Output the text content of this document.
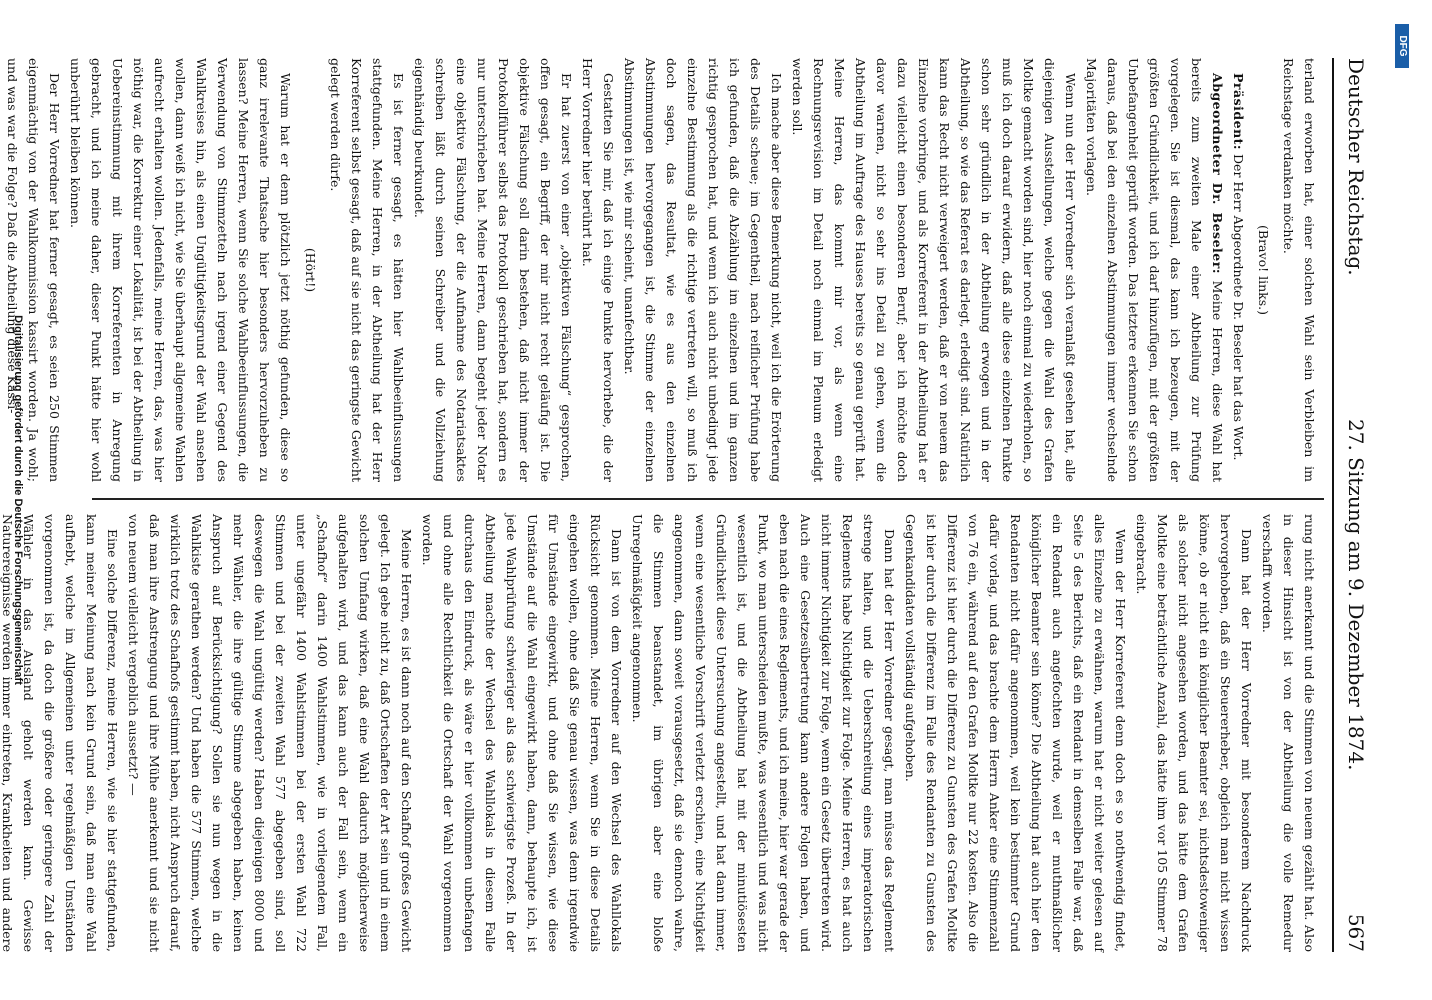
Deutscher Reichstag.
27. Sitzung am 9. Dezember 1874.
567

terland erworben hat, einer solchen Wahl sein Verbleiben im Reichstage verdanken möchte.

(Bravo! links.)

Präsident: Der Herr Abgeordnete Dr. Beseler hat das Wort.

Abgeordneter Dr. Beseler: Meine Herren, diese Wahl hat bereits zum zweiten Male einer Abtheilung zur Prüfung vorgelegen. Sie ist diesmal, das kann ich bezeugen, mit der größten Gründlichkeit, und ich darf hinzufügen, mit der größten Unbefangenheit geprüft worden. Das letztere erkennen Sie schon daraus, daß bei den einzelnen Abstimmungen immer wechselnde Majoritäten vorlagen.

Wenn nun der Herr Vorredner sich veranlaßt gesehen hat, alle diejenigen Ausstellungen, welche gegen die Wahl des Grafen Moltke gemacht worden sind, hier noch einmal zu wiederholen, so muß ich doch darauf erwidern, daß alle diese einzelnen Punkte schon sehr gründlich in der Abtheilung erwogen und in der Abtheilung, so wie das Referat es darlegt, erledigt sind. Natürlich kann das Recht nicht verweigert werden, daß er von neuem das Einzelne vorbringe, und als Korreferent in der Abtheilung hat er dazu vielleicht einen besonderen Beruf; aber ich möchte doch davor warnen, nicht so sehr ins Detail zu gehen, wenn die Abtheilung im Auftrage des Hauses bereits so genau geprüft hat. Meine Herren, das kommt mir vor, als wenn eine Rechnungsrevision im Detail noch einmal im Plenum erledigt werden soll.

Ich mache aber diese Bemerkung nicht, weil ich die Erörterung des Details scheue; im Gegentheil, nach reiflicher Prüfung habe ich gefunden, daß die Abzählung im einzelnen und im ganzen richtig gesprochen hat, und wenn ich auch nicht unbedingt jede einzelne Bestimmung als die richtige vertreten will, so muß ich doch sagen, das Resultat, wie es aus den einzelnen Abstimmungen hervorgegangen ist, die Stimme der einzelnen Abstimmungen ist, wie mir scheint, unanfechtbar.

Gestatten Sie mir, daß ich einige Punkte hervorhebe, die der Herr Vorredner hier berührt hat.

Er hat zuerst von einer „objektiven Fälschung“ gesprochen, offen gesagt, ein Begriff, der mir nicht recht geläufig ist. Die objektive Fälschung soll darin bestehen, daß nicht immer der Protokollführer selbst das Protokoll geschrieben hat, sondern es nur unterschrieben hat. Meine Herren, dann begeht jeder Notar eine objektive Fälschung, der die Aufnahme des Notariatsaktes schreiben läßt durch seinen Schreiber und die Vollziehung eigenhändig beurkundet.

Es ist ferner gesagt, es hätten hier Wahlbeeinflussungen stattgefunden. Meine Herren, in der Abtheilung hat der Herr Korreferent selbst gesagt, daß auf sie nicht das geringste Gewicht gelegt werden dürfe.

(Hört!)

Warum hat er denn plötzlich jetzt nöthig gefunden, diese so ganz irrelevante Thatsache hier besonders hervorzuheben zu lassen? Meine Herren, wenn Sie solche Wahlbeeinflussungen, die Verwendung von Stimmzetteln nach irgend einer Gegend des Wahlkreises hin, als einen Ungültigkeitsgrund der Wahl ansehen wollen, dann weiß ich nicht, wie Sie überhaupt allgemeine Wahlen aufrecht erhalten wollen. Jedenfalls, meine Herren, das, was hier nöthig war, die Korrektur einer Lokalität, ist bei der Abtheilung in Uebereinstimmung mit ihrem Korreferenten in Anregung gebracht, und ich meine daher, dieser Punkt hätte hier wohl unberührt bleiben können.

Der Herr Vorredner hat ferner gesagt, es seien 250 Stimmen eigenmächtig von der Wahlkommission kassirt worden. Ja wohl; und was war die Folge? Daß die Abtheilung diese Kassi-

rung nicht anerkannt und die Stimmen von neuem gezählt hat. Also in dieser Hinsicht ist von der Abtheilung die volle Remedur verschafft worden.

Dann hat der Herr Vorredner mit besonderem Nachdruck hervorgehoben, daß ein Steuererheber, obgleich man nicht wissen könne, ob er nicht ein königlicher Beamter sei, nichtsdestoweniger als solcher nicht angesehen worden, und das hätte dem Grafen Moltke eine beträchtliche Anzahl, das hätte ihm vor 105 Stimmer 78 eingebracht.

Wenn der Herr Korreferent denn doch es so nothwendig findet, alles Einzelne zu erwähnen, warum hat er nicht weiter gelesen auf Seite 5 des Berichts, daß ein Rendant in demselben Falle war, daß ein Rendant auch angefochten wurde, weil er muthmaßlicher königlicher Beamter sein könne? Die Abtheilung hat auch hier den Rendanten nicht dafür angenommen, weil kein bestimmter Grund dafür vorlag, und das brachte dem Herrn Anker eine Stimmenzahl von 76 ein, während auf den Grafen Moltke nur 22 kosten. Also die Differenz ist hier durch die Differenz zu Gunsten des Grafen Moltke ist hier durch die Differenz im Falle des Rendanten zu Gunsten des Gegenkandidaten vollständig aufgehoben.

Dann hat der Herr Vorredner gesagt, man müsse das Reglement strenge halten, und die Ueberschreitung eines imperatorischen Reglements habe Nichtigkeit zur Folge. Meine Herren, es hat auch nicht immer Nichtigkeit zur Folge, wenn ein Gesetz übertreten wird. Auch eine Gesetzesübertretung kann andere Folgen haben, und eben nach die eines Reglements, und ich meine, hier war gerade der Punkt, wo man unterscheiden mußte, was wesentlich und was nicht wesentlich ist, und die Abtheilung hat mit der minutiösesten Gründlichkeit diese Untersuchung angestellt, und hat dann immer, wenn eine wesentliche Vorschrift verletzt erschien, eine Nichtigkeit angenommen, dann soweit vorausgesetzt, daß sie dennoch wahre, die Stimmen beanstandet, im übrigen aber eine bloße Unregelmäßigkeit angenommen.

Dann ist von dem Vorredner auf den Wechsel des Wahllokals Rücksicht genommen. Meine Herren, wenn Sie in diese Details eingehen wollen, ohne daß Sie genau wissen, was denn irgendwie für Umstände eingewirkt, und ohne daß Sie wissen, wie diese Umstände auf die Wahl eingewirkt haben, dann, behaupte ich, ist jede Wahlprüfung schwieriger als das schwierigste Prozeß. In der Abtheilung machte der Wechsel des Wahllokals in diesem Falle durchaus den Eindruck, als wäre er hier vollkommen unbefangen und ohne alle Rechtlichkeit die Ortschaft der Wahl vorgenommen worden.

Meine Herren, es ist dann noch auf den Schafhof großes Gewicht gelegt. Ich gebe nicht zu, daß Ortschaften der Art sein und in einem solchen Umfang wirken, daß eine Wahl dadurch möglicherweise aufgehalten wird, und das kann auch der Fall sein, wenn ein „Schafhof“ darin 1400 Wahlstimmen, wie in vorliegendem Fall, unter ungefähr 1400 Wahlstimmen bei der ersten Wahl 722 Stimmen und bei der zweiten Wahl 577 abgegeben sind, soll deswegen die Wahl ungültig werden? Haben diejenigen 8000 und mehr Wähler, die ihre gültige Stimme abgegeben haben, keinen Anspruch auf Berücksichtigung? Sollen sie nun wegen in die Wahlkiste gerathen werden? Und haben die 577 Stimmen, welche wirklich trotz des Schafhofs gestimmt haben, nicht Anspruch darauf, daß man ihre Anstrengung und ihre Mühe anerkennt und sie nicht von neuem vielleicht vergeblich aussetzt? —

Eine solche Differenz, meine Herren, wie sie hier stattgefunden, kann meiner Meinung nach kein Grund sein, daß man eine Wahl aufhebt, welche im Allgemeinen unter regelmäßigen Umständen vorgenommen ist, da doch die größere oder geringere Zahl der Wähler in das Ausland geholt werden kann. Gewisse Naturereignisse werden immer eintreten, Krankheiten und andere

Digitalisierung gefördert durch die Deutsche Forschungsgemeinschaft
DFG
